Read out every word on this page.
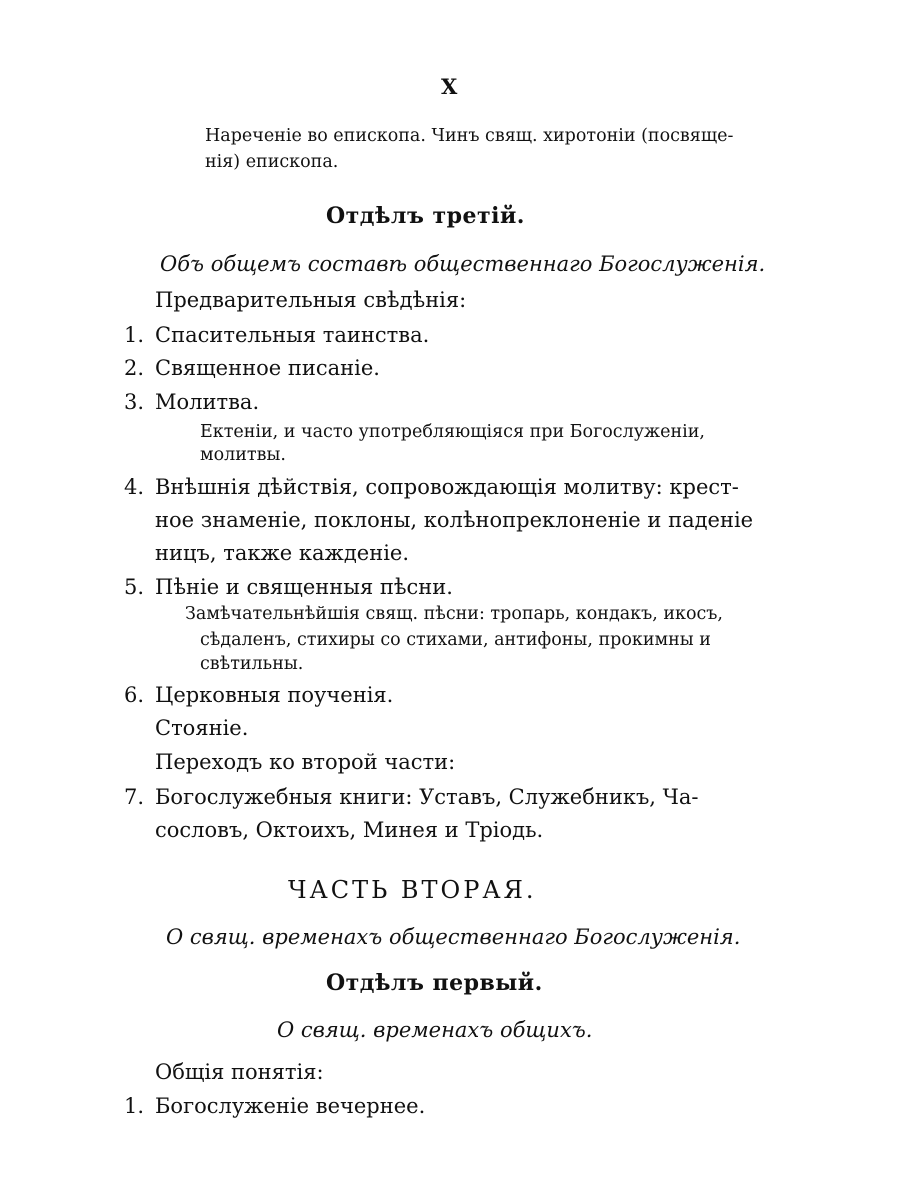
X
Нареченіе во епископа. Чинъ свящ. хиротоніи (посвяще-
нія) епископа.
Отдѣлъ третій.
Объ общемъ составѣ общественнаго Богослуженія.
Предварительныя свѣдѣнія:
1. Спасительныя таинства.
2. Священное писаніе.
3. Молитва.
Ектеніи, и часто употребляющіяся при Богослуженіи,
молитвы.
4. Внѣшнія дѣйствія, сопровождающія молитву: крест-
ное знаменіе, поклоны, колѣнопреклоненіе и паденіе
ницъ, также кажденіе.
5. Пѣніе и священныя пѣсни.
Замѣчательнѣйшія свящ. пѣсни: тропарь, кондакъ, икосъ,
сѣдаленъ, стихиры со стихами, антифоны, прокимны и
свѣтильны.
6. Церковныя поученія.
Стояніе.
Переходъ ко второй части:
7. Богослужебныя книги: Уставъ, Служебникъ, Ча-
сословъ, Октоихъ, Минея и Тріодь.
ЧАСТЬ ВТОРАЯ.
О свящ. временахъ общественнаго Богослуженія.
Отдѣлъ первый.
О свящ. временахъ общихъ.
Общія понятія:
1. Богослуженіе вечернее.
